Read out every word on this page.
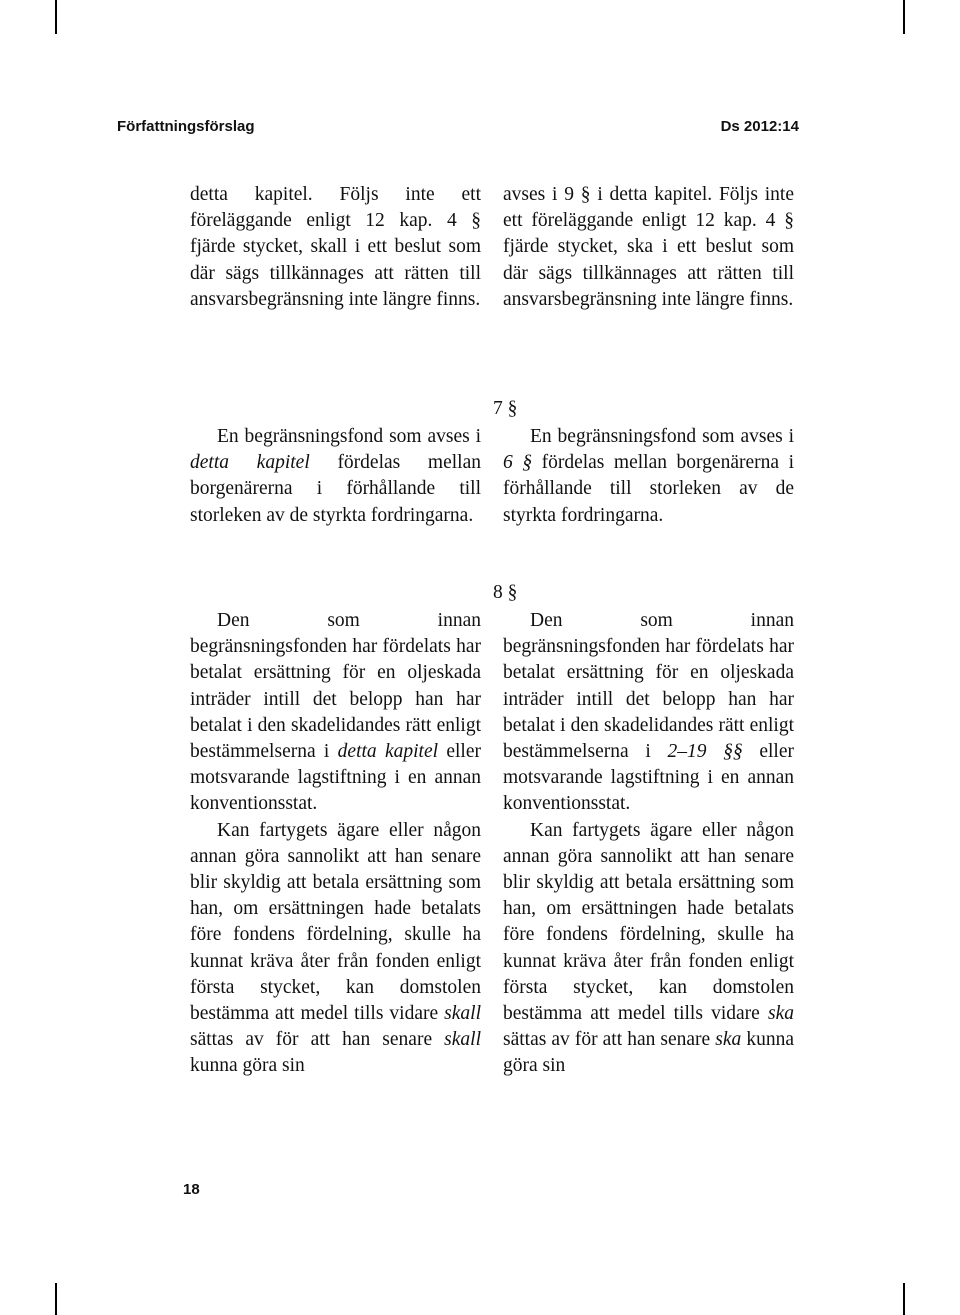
Författningsförslag	Ds 2012:14

detta kapitel. Följs inte ett föreläggande enligt 12 kap. 4 § fjärde stycket, skall i ett beslut som där sägs tillkännages att rätten till ansvarsbegränsning inte längre finns.

En begränsningsfond som avses i detta kapitel fördelas mellan borgenärerna i förhållande till storleken av de styrkta fordringarna.

Den som innan begränsningsfonden har fördelats har betalat ersättning för en oljeskada inträder intill det belopp han har betalat i den skadelidandes rätt enligt bestämmelserna i detta kapitel eller motsvarande lagstiftning i en annan konventionsstat.

Kan fartygets ägare eller någon annan göra sannolikt att han senare blir skyldig att betala ersättning som han, om ersättningen hade betalats före fondens fördelning, skulle ha kunnat kräva åter från fonden enligt första stycket, kan domstolen bestämma att medel tills vidare skall sättas av för att han senare skall kunna göra sin

avses i 9 § i detta kapitel. Följs inte ett föreläggande enligt 12 kap. 4 § fjärde stycket, ska i ett beslut som där sägs tillkännages att rätten till ansvarsbegränsning inte längre finns.

7 §

En begränsningsfond som avses i 6 § fördelas mellan borgenärerna i förhållande till storleken av de styrkta fordringarna.

8 §

Den som innan begränsningsfonden har fördelats har betalat ersättning för en oljeskada inträder intill det belopp han har betalat i den skadelidandes rätt enligt bestämmelserna i 2–19 §§ eller motsvarande lagstiftning i en annan konventionsstat.

Kan fartygets ägare eller någon annan göra sannolikt att han senare blir skyldig att betala ersättning som han, om ersättningen hade betalats före fondens fördelning, skulle ha kunnat kräva åter från fonden enligt första stycket, kan domstolen bestämma att medel tills vidare ska sättas av för att han senare ska kunna göra sin

18
